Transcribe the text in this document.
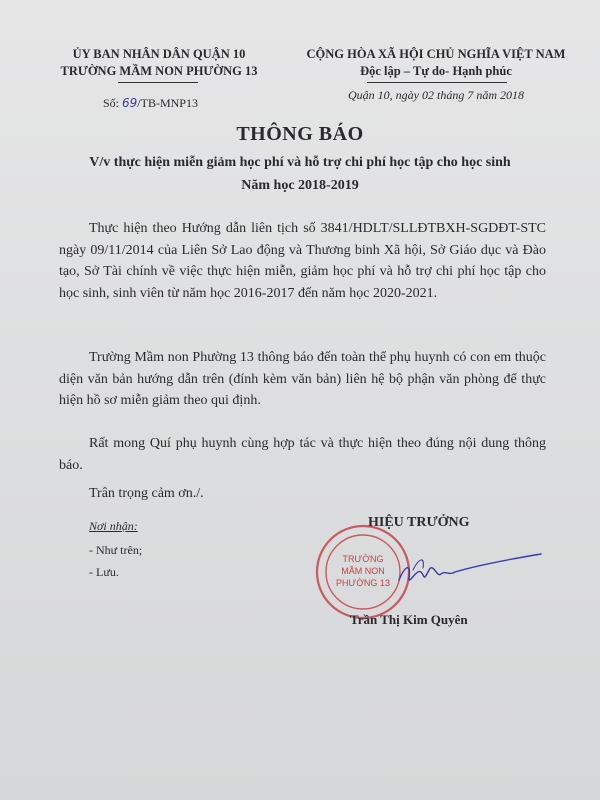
ỦY BAN NHÂN DÂN QUẬN 10
TRƯỜNG MẦM NON PHƯỜNG 13
Số: 69/TB-MNP13
CỘNG HÒA XÃ HỘI CHỦ NGHĨA VIỆT NAM
Độc lập – Tự do- Hạnh phúc
Quận 10, ngày 02 tháng 7 năm 2018
THÔNG BÁO
V/v thực hiện miễn giảm học phí và hỗ trợ chi phí học tập cho học sinh
Năm học 2018-2019
Thực hiện theo Hướng dẫn liên tịch số 3841/HDLT/SLLĐTBXH-SGDĐT-STC ngày 09/11/2014 của Liên Sở Lao động và Thương binh Xã hội, Sở Giáo dục và Đào tạo, Sở Tài chính về việc thực hiện miễn, giảm học phí và hỗ trợ chi phí học tập cho học sinh, sinh viên từ năm học 2016-2017 đến năm học 2020-2021.
Trường Mầm non Phường 13 thông báo đến toàn thể phụ huynh có con em thuộc diện văn bản hướng dẫn trên (đính kèm văn bản) liên hệ bộ phận văn phòng để thực hiện hồ sơ miễn giảm theo qui định.
Rất mong Quí phụ huynh cùng hợp tác và thực hiện theo đúng nội dung thông báo.
Trân trọng cảm ơn./.
Nơi nhận:
- Như trên;
- Lưu.
TRƯỜNG
MẦM NON
PHƯỜNG 13
HIỆU TRƯỞNG
Trần Thị Kim Quyên
